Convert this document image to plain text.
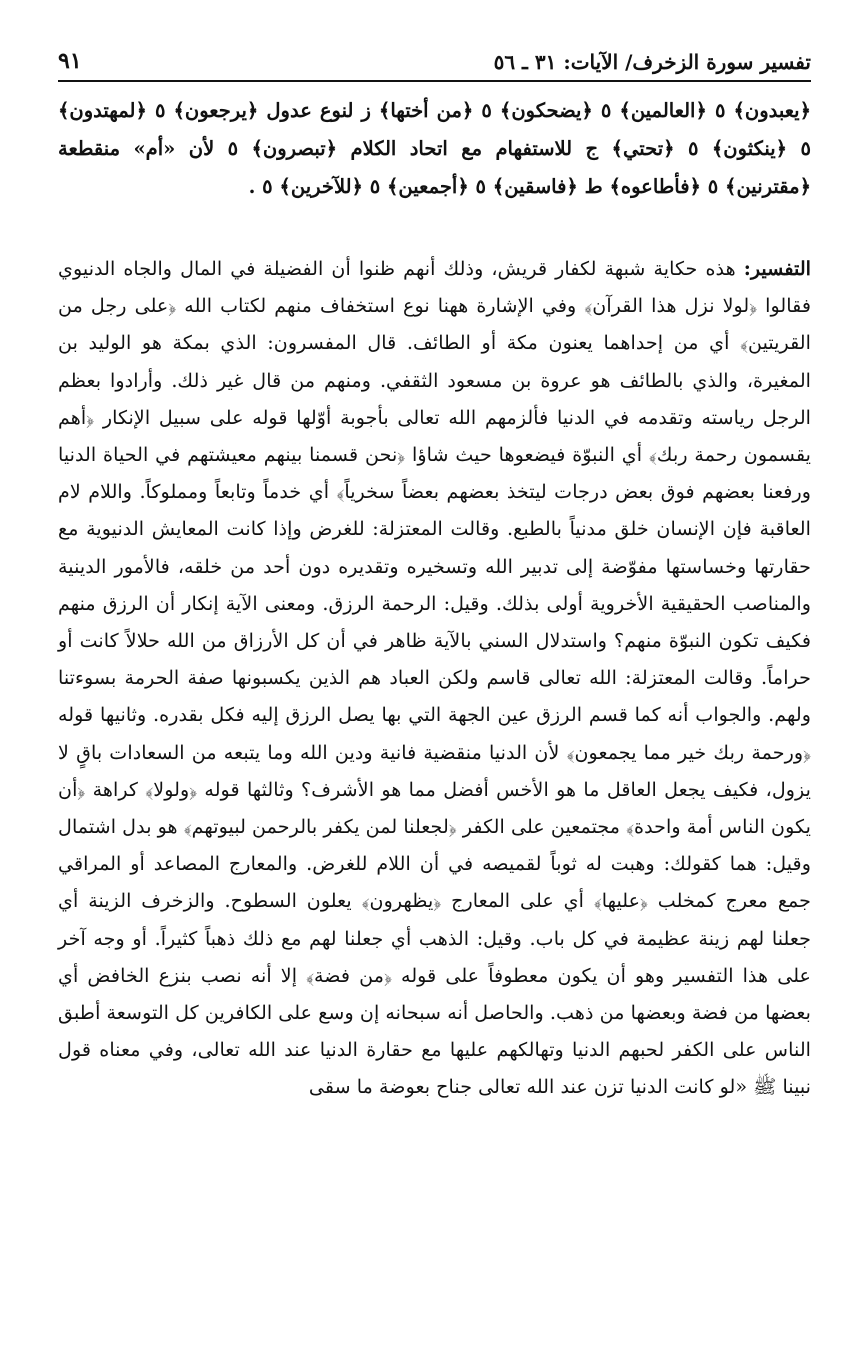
٩١	تفسير سورة الزخرف/ الآيات: ٣١ ـ ٥٦
﴿يعبدون﴾ ٥ ﴿العالمين﴾ ٥ ﴿يضحكون﴾ ٥ ﴿من أختها﴾ ز لنوع عدول ﴿يرجعون﴾ ٥ ﴿لمهتدون﴾ ٥ ﴿ينكثون﴾ ٥ ﴿تحتي﴾ ج للاستفهام مع اتحاد الكلام ﴿تبصرون﴾ ٥ لأن «أم» منقطعة ﴿مقترنين﴾ ٥ ﴿فأطاعوه﴾ ط ﴿فاسقين﴾ ٥ ﴿أجمعين﴾ ٥ ﴿للآخرين﴾ ٥ .

التفسير: هذه حكاية شبهة لكفار قريش، وذلك أنهم ظنوا أن الفضيلة في المال والجاه الدنيوي فقالوا ﴿لولا نزل هذا القرآن﴾ وفي الإشارة ههنا نوع استخفاف منهم لكتاب الله ﴿على رجل من القريتين﴾ أي من إحداهما يعنون مكة أو الطائف. قال المفسرون: الذي بمكة هو الوليد بن المغيرة، والذي بالطائف هو عروة بن مسعود الثقفي. ومنهم من قال غير ذلك. وأرادوا بعظم الرجل رياسته وتقدمه في الدنيا فألزمهم الله تعالى بأجوبة أوّلها قوله على سبيل الإنكار ﴿أهم يقسمون رحمة ربك﴾ أي النبوّة فيضعوها حيث شاؤا ﴿نحن قسمنا بينهم معيشتهم في الحياة الدنيا ورفعنا بعضهم فوق بعض درجات ليتخذ بعضهم بعضاً سخرياً﴾ أي خدماً وتابعاً ومملوكاً. واللام لام العاقبة فإن الإنسان خلق مدنياً بالطبع. وقالت المعتزلة: للغرض وإذا كانت المعايش الدنيوية مع حقارتها وخساستها مفوّضة إلى تدبير الله وتسخيره وتقديره دون أحد من خلقه، فالأمور الدينية والمناصب الحقيقية الأخروية أولى بذلك. وقيل: الرحمة الرزق. ومعنى الآية إنكار أن الرزق منهم فكيف تكون النبوّة منهم؟ واستدلال السني بالآية ظاهر في أن كل الأرزاق من الله حلالاً كانت أو حراماً. وقالت المعتزلة: الله تعالى قاسم ولكن العباد هم الذين يكسبونها صفة الحرمة بسوءتنا ولهم. والجواب أنه كما قسم الرزق عين الجهة التي بها يصل الرزق إليه فكل بقدره. وثانيها قوله ﴿ورحمة ربك خير مما يجمعون﴾ لأن الدنيا منقضية فانية ودين الله وما يتبعه من السعادات باقٍ لا يزول، فكيف يجعل العاقل ما هو الأخس أفضل مما هو الأشرف؟ وثالثها قوله ﴿ولولا﴾ كراهة ﴿أن يكون الناس أمة واحدة﴾ مجتمعين على الكفر ﴿لجعلنا لمن يكفر بالرحمن لبيوتهم﴾ هو بدل اشتمال وقيل: هما كقولك: وهبت له ثوباً لقميصه في أن اللام للغرض. والمعارج المصاعد أو المراقي جمع معرج كمخلب ﴿عليها﴾ أي على المعارج ﴿يظهرون﴾ يعلون السطوح. والزخرف الزينة أي جعلنا لهم زينة عظيمة في كل باب. وقيل: الذهب أي جعلنا لهم مع ذلك ذهباً كثيراً. أو وجه آخر على هذا التفسير وهو أن يكون معطوفاً على قوله ﴿من فضة﴾ إلا أنه نصب بنزع الخافض أي بعضها من فضة وبعضها من ذهب. والحاصل أنه سبحانه إن وسع على الكافرين كل التوسعة أطبق الناس على الكفر لحبهم الدنيا وتهالكهم عليها مع حقارة الدنيا عند الله تعالى، وفي معناه قول نبينا ﷺ «لو كانت الدنيا تزن عند الله تعالى جناح بعوضة ما سقى
